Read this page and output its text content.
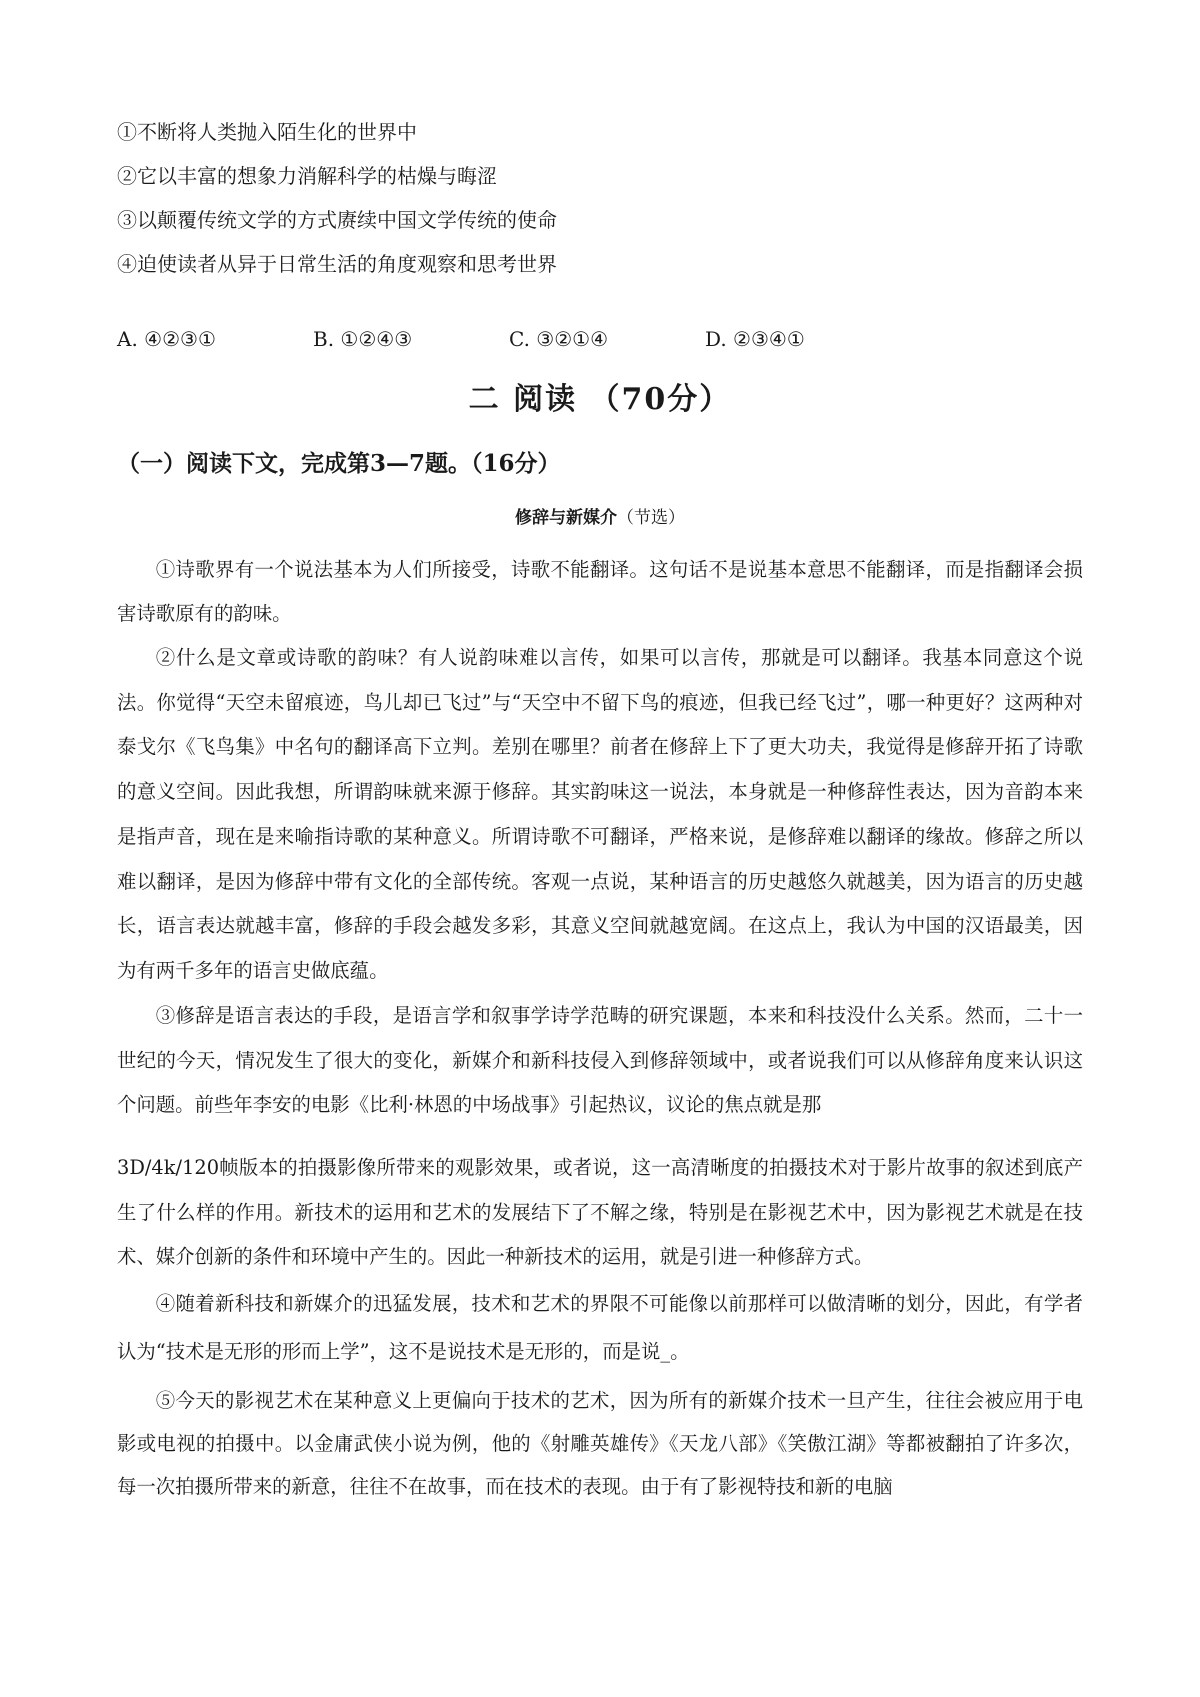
①不断将人类抛入陌生化的世界中
②它以丰富的想象力消解科学的枯燥与晦涩
③以颠覆传统文学的方式赓续中国文学传统的使命
④迫使读者从异于日常生活的角度观察和思考世界
A. ④②③①	B. ①②④③	C. ③②①④	D. ②③④①
二 阅读 （70分）
（一）阅读下文，完成第3—7题。（16分）
修辞与新媒介（节选）

①诗歌界有一个说法基本为人们所接受，诗歌不能翻译。这句话不是说基本意思不能翻译，而是指翻译会损害诗歌原有的韵味。

②什么是文章或诗歌的韵味？有人说韵味难以言传，如果可以言传，那就是可以翻译。我基本同意这个说法。你觉得“天空未留痕迹，鸟儿却已飞过”与“天空中不留下鸟的痕迹，但我已经飞过”，哪一种更好？这两种对泰戈尔《飞鸟集》中名句的翻译高下立判。差别在哪里？前者在修辞上下了更大功夫，我觉得是修辞开拓了诗歌的意义空间。因此我想，所谓韵味就来源于修辞。其实韵味这一说法，本身就是一种修辞性表达，因为音韵本来是指声音，现在是来喻指诗歌的某种意义。所谓诗歌不可翻译，严格来说，是修辞难以翻译的缘故。修辞之所以难以翻译，是因为修辞中带有文化的全部传统。客观一点说，某种语言的历史越悠久就越美，因为语言的历史越长，语言表达就越丰富，修辞的手段会越发多彩，其意义空间就越宽阔。在这点上，我认为中国的汉语最美，因为有两千多年的语言史做底蕴。

③修辞是语言表达的手段，是语言学和叙事学诗学范畴的研究课题，本来和科技没什么关系。然而，二十一世纪的今天，情况发生了很大的变化，新媒介和新科技侵入到修辞领域中，或者说我们可以从修辞角度来认识这个问题。前些年李安的电影《比利·林恩的中场战事》引起热议，议论的焦点就是那

3D/4k/120帧版本的拍摄影像所带来的观影效果，或者说，这一高清晰度的拍摄技术对于影片故事的叙述到底产生了什么样的作用。新技术的运用和艺术的发展结下了不解之缘，特别是在影视艺术中，因为影视艺术就是在技术、媒介创新的条件和环境中产生的。因此一种新技术的运用，就是引进一种修辞方式。

④随着新科技和新媒介的迅猛发展，技术和艺术的界限不可能像以前那样可以做清晰的划分，因此，有学者认为“技术是无形的形而上学”，这不是说技术是无形的，而是说_。

⑤今天的影视艺术在某种意义上更偏向于技术的艺术，因为所有的新媒介技术一旦产生，往往会被应用于电影或电视的拍摄中。以金庸武侠小说为例，他的《射雕英雄传》《天龙八部》《笑傲江湖》等都被翻拍了许多次，每一次拍摄所带来的新意，往往不在故事，而在技术的表现。由于有了影视特技和新的电脑
